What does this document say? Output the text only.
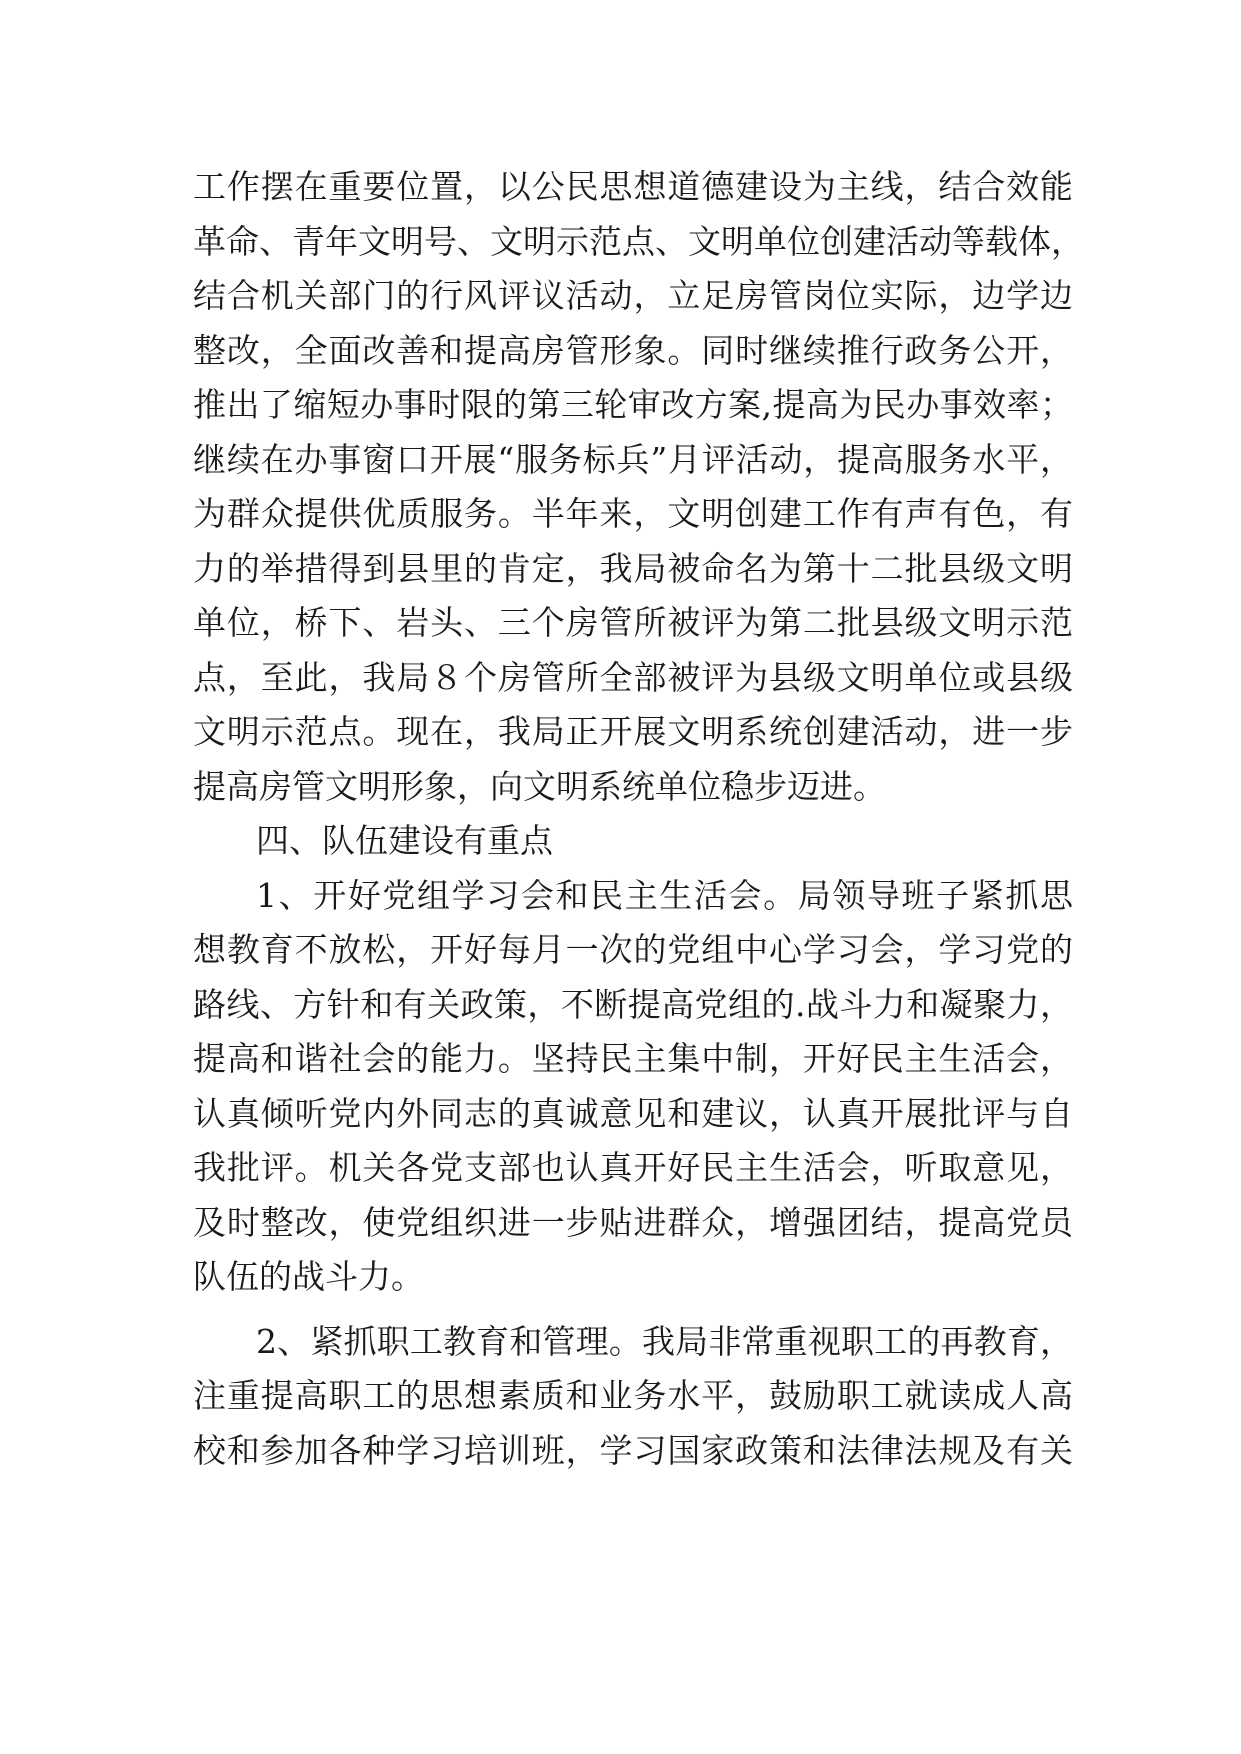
工作摆在重要位置，以公民思想道德建设为主线，结合效能
革命、青年文明号、文明示范点、文明单位创建活动等载体，
结合机关部门的行风评议活动，立足房管岗位实际，边学边
整改，全面改善和提高房管形象。同时继续推行政务公开，
推出了缩短办事时限的第三轮审改方案,提高为民办事效率；
继续在办事窗口开展“服务标兵”月评活动，提高服务水平，
为群众提供优质服务。半年来，文明创建工作有声有色，有
力的举措得到县里的肯定，我局被命名为第十二批县级文明
单位，桥下、岩头、三个房管所被评为第二批县级文明示范
点，至此，我局８个房管所全部被评为县级文明单位或县级
文明示范点。现在，我局正开展文明系统创建活动，进一步
提高房管文明形象，向文明系统单位稳步迈进。
四、队伍建设有重点
1、开好党组学习会和民主生活会。局领导班子紧抓思
想教育不放松，开好每月一次的党组中心学习会，学习党的
路线、方针和有关政策，不断提高党组的.战斗力和凝聚力，
提高和谐社会的能力。坚持民主集中制，开好民主生活会，
认真倾听党内外同志的真诚意见和建议，认真开展批评与自
我批评。机关各党支部也认真开好民主生活会，听取意见，
及时整改，使党组织进一步贴进群众，增强团结，提高党员
队伍的战斗力。
2、紧抓职工教育和管理。我局非常重视职工的再教育，
注重提高职工的思想素质和业务水平，鼓励职工就读成人高
校和参加各种学习培训班，学习国家政策和法律法规及有关
